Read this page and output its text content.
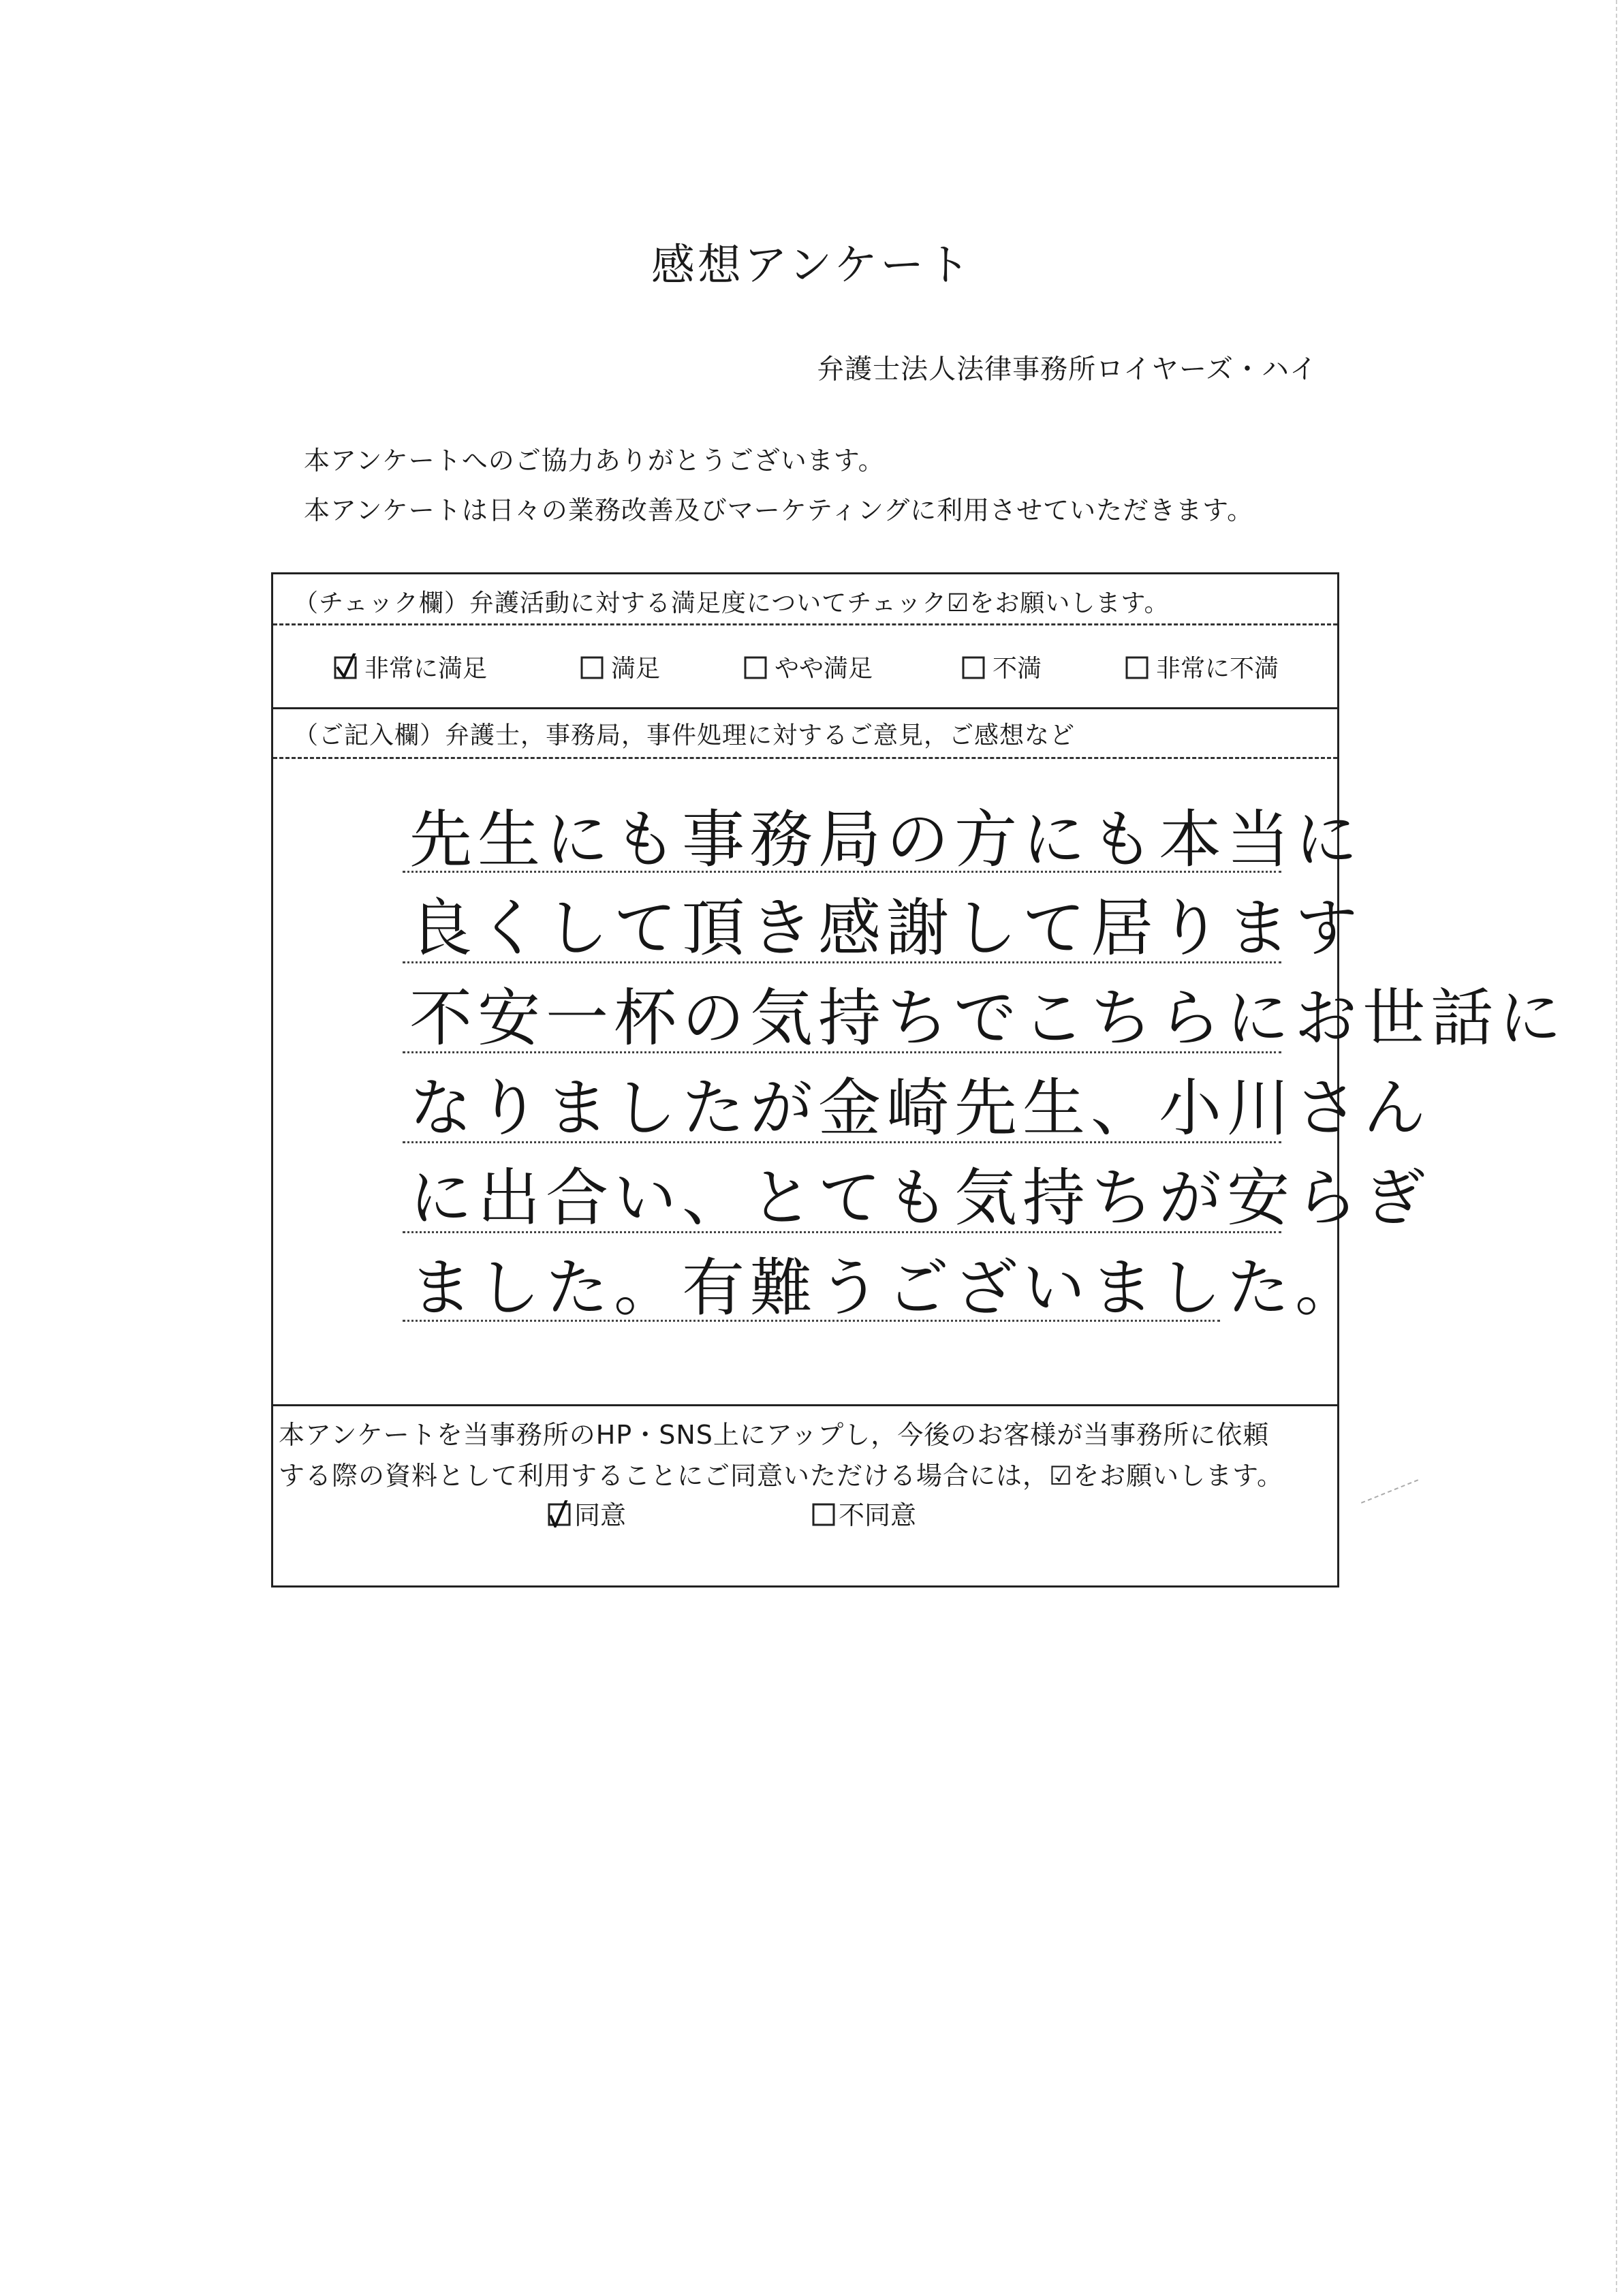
感想アンケート
弁護士法人法律事務所ロイヤーズ・ハイ
本アンケートへのご協力ありがとうございます。
本アンケートは日々の業務改善及びマーケティングに利用させていただきます。
（チェック欄）弁護活動に対する満足度についてチェック☑をお願いします。
非常に満足	満足	やや満足	不満	非常に不満
（ご記入欄）弁護士，事務局，事件処理に対するご意見，ご感想など
先生にも事務局の方にも本当に
良くして頂き感謝して居ります
不安一杯の気持ちでこちらにお世話に
なりましたが金崎先生、小川さん
に出合い、とても気持ちが安らぎ
ました。有難うございました。
本アンケートを当事務所のHP・SNS上にアップし，今後のお客様が当事務所に依頼
する際の資料として利用することにご同意いただける場合には，☑をお願いします。
同意	不同意
